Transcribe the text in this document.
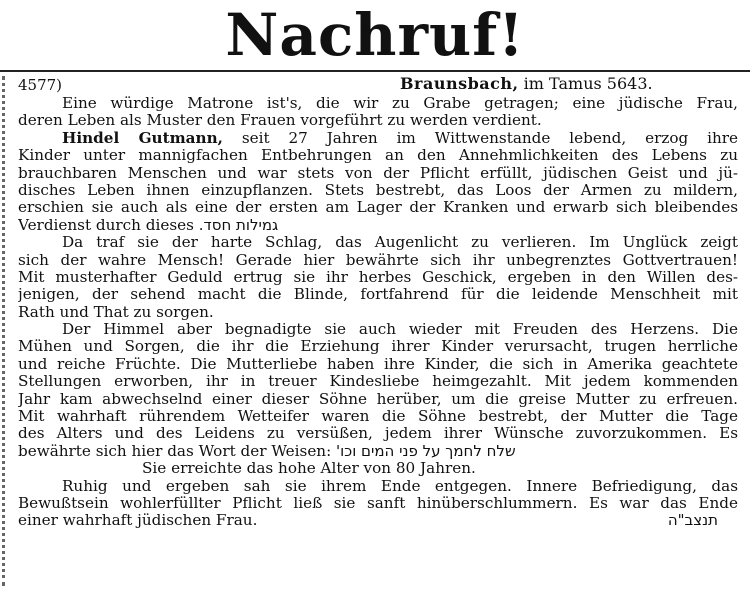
Nachruf!
4577)	Braunsbach, im Tamus 5643.
Eine würdige Matrone ist's, die wir zu Grabe getragen; eine jüdische Frau,
deren Leben als Muster den Frauen vorgeführt zu werden verdient.
Hindel Gutmann, seit 27 Jahren im Wittwenstande lebend, erzog ihre
Kinder unter mannigfachen Entbehrungen an den Annehmlichkeiten des Lebens zu
brauchbaren Menschen und war stets von der Pflicht erfüllt, jüdischen Geist und jü-
disches Leben ihnen einzupflanzen. Stets bestrebt, das Loos der Armen zu mildern,
erschien sie auch als eine der ersten am Lager der Kranken und erwarb sich bleibendes
Verdienst durch dieses גמילות חסד.
Da traf sie der harte Schlag, das Augenlicht zu verlieren. Im Unglück zeigt
sich der wahre Mensch! Gerade hier bewährte sich ihr unbegrenztes Gottvertrauen!
Mit musterhafter Geduld ertrug sie ihr herbes Geschick, ergeben in den Willen des-
jenigen, der sehend macht die Blinde, fortfahrend für die leidende Menschheit mit
Rath und That zu sorgen.
Der Himmel aber begnadigte sie auch wieder mit Freuden des Herzens. Die
Mühen und Sorgen, die ihr die Erziehung ihrer Kinder verursacht, trugen herrliche
und reiche Früchte. Die Mutterliebe haben ihre Kinder, die sich in Amerika geachtete
Stellungen erworben, ihr in treuer Kindesliebe heimgezahlt. Mit jedem kommenden
Jahr kam abwechselnd einer dieser Söhne herüber, um die greise Mutter zu erfreuen.
Mit wahrhaft rührendem Wetteifer waren die Söhne bestrebt, der Mutter die Tage
des Alters und des Leidens zu versüßen, jedem ihrer Wünsche zuvorzukommen. Es
bewährte sich hier das Wort der Weisen: שלח לחמך על פני המים וכו'
Sie erreichte das hohe Alter von 80 Jahren.
Ruhig und ergeben sah sie ihrem Ende entgegen. Innere Befriedigung, das
Bewußtsein wohlerfüllter Pflicht ließ sie sanft hinüberschlummern. Es war das Ende
einer wahrhaft jüdischen Frau.	תנצב"ה
